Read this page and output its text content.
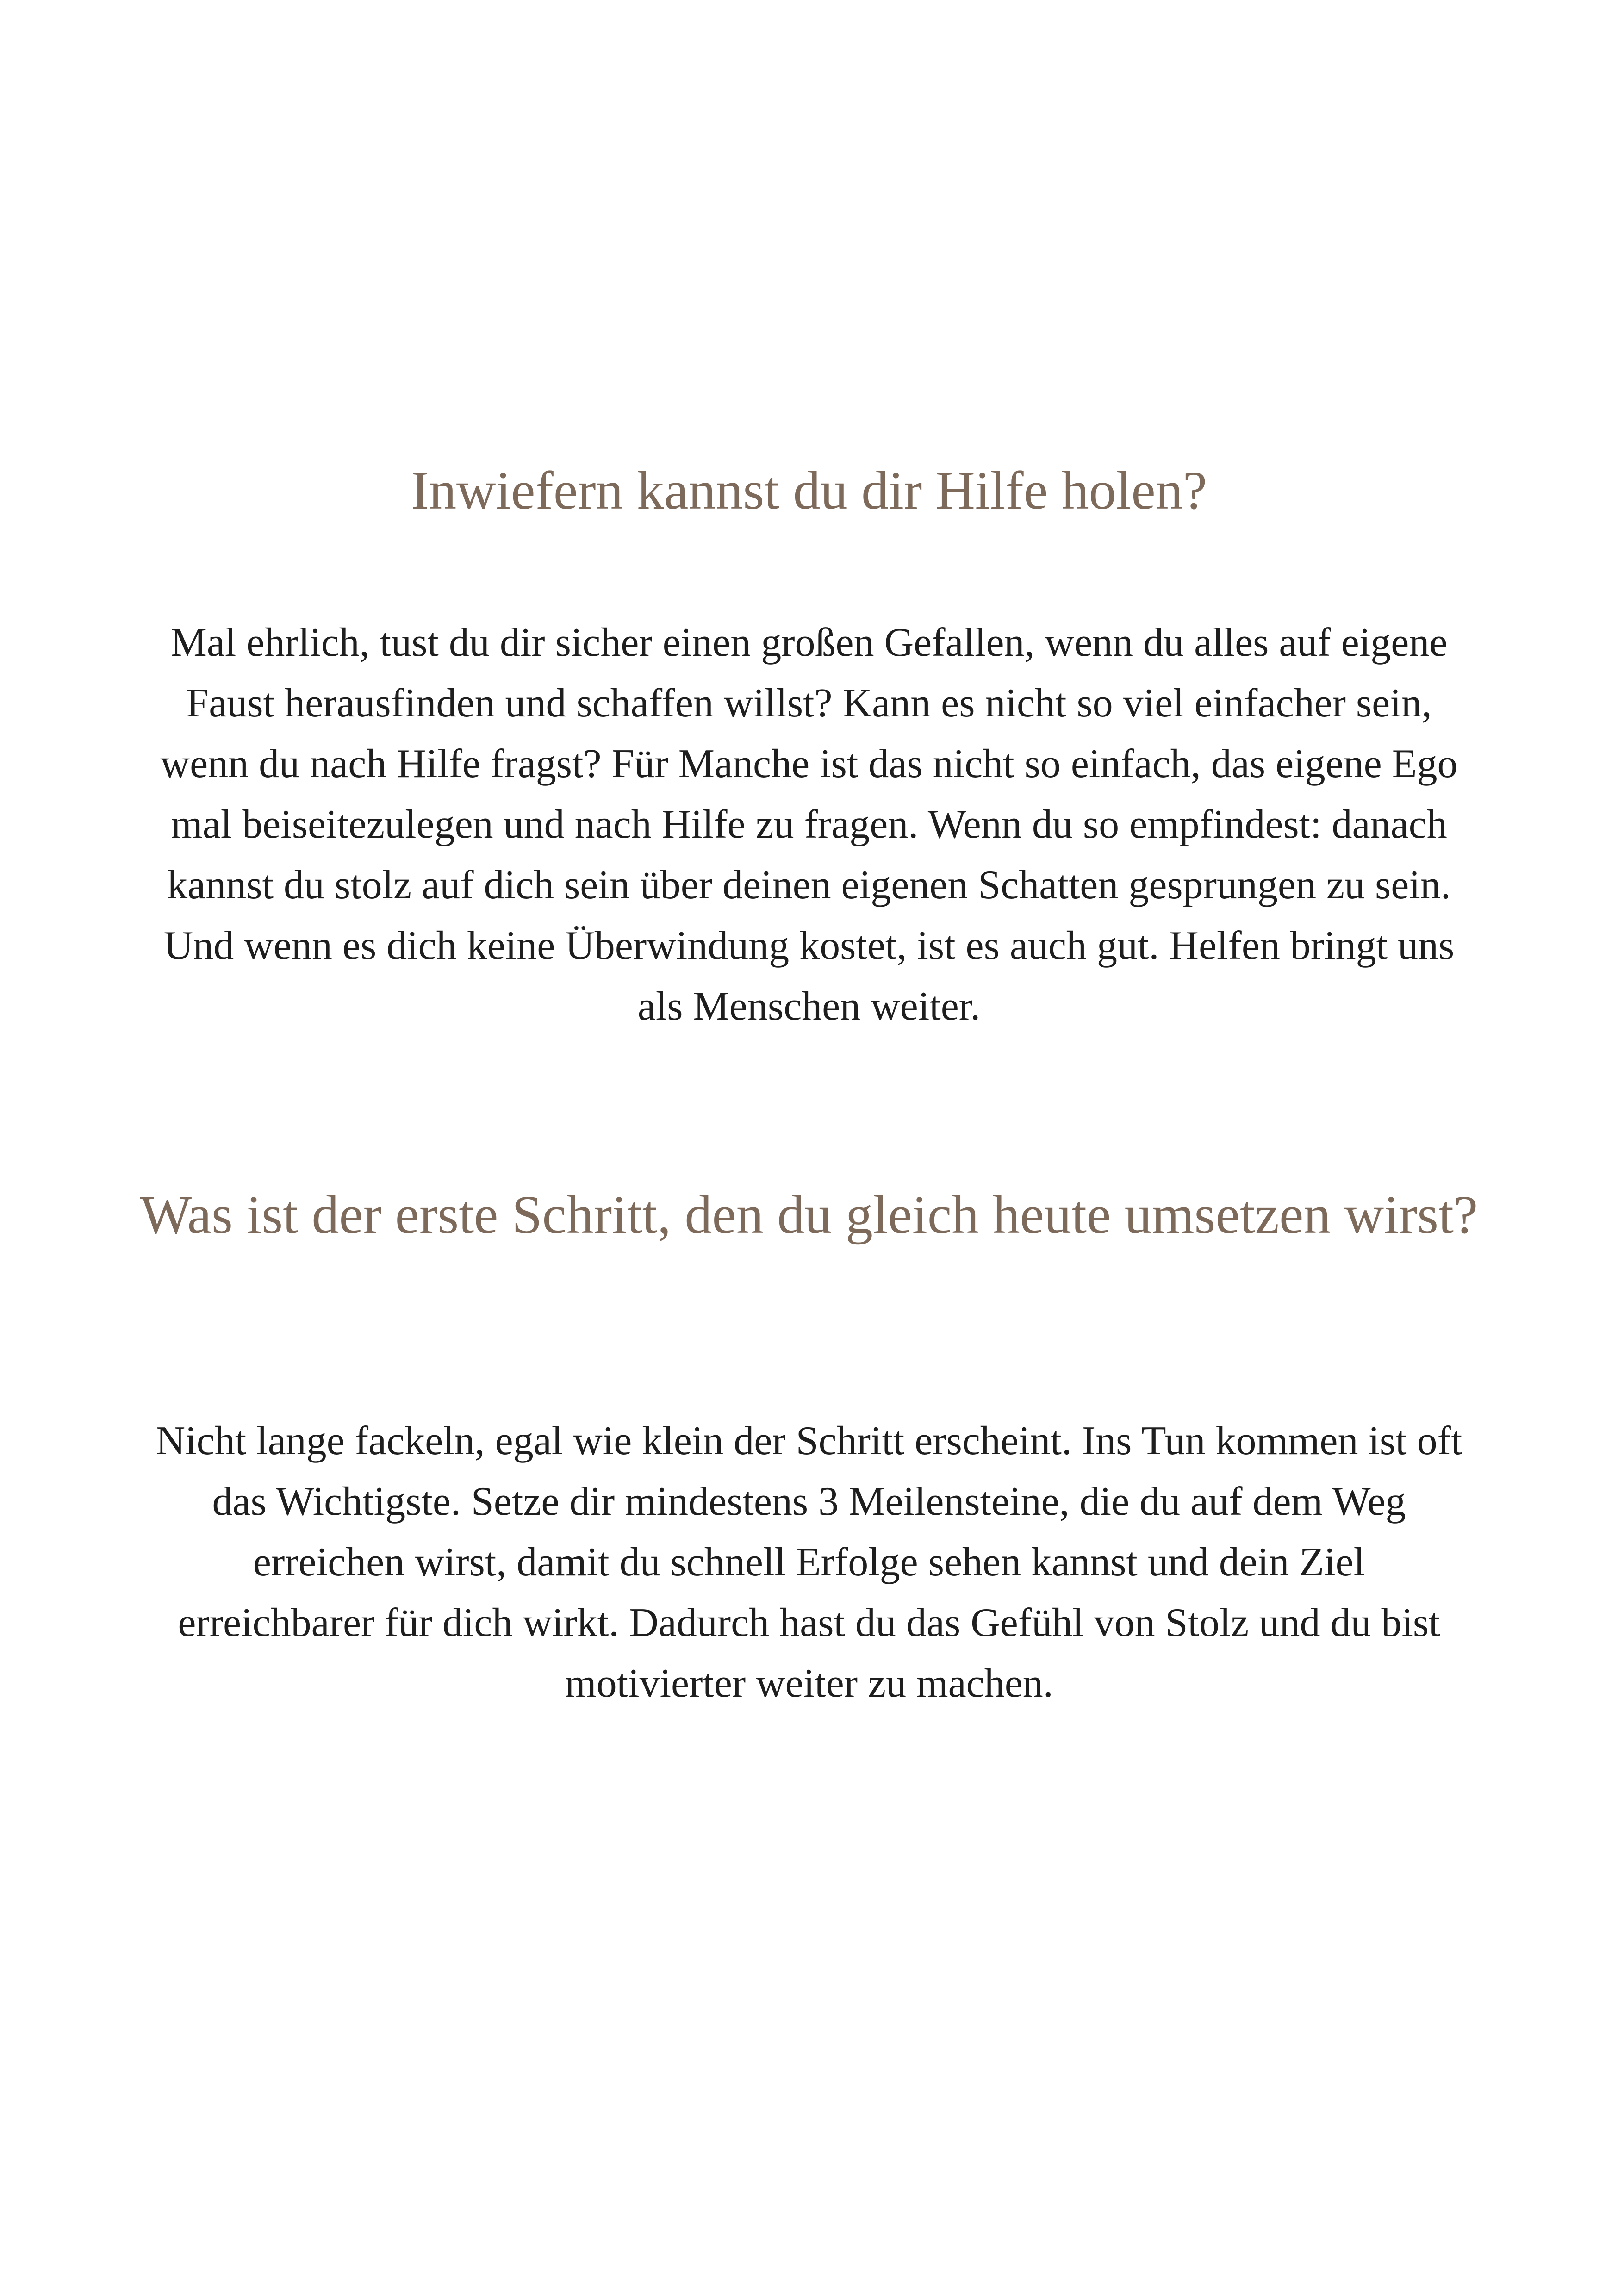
Inwiefern kannst du dir Hilfe holen?

Mal ehrlich, tust du dir sicher einen großen Gefallen, wenn du alles auf eigene Faust herausfinden und schaffen willst? Kann es nicht so viel einfacher sein, wenn du nach Hilfe fragst? Für Manche ist das nicht so einfach, das eigene Ego mal beiseitezulegen und nach Hilfe zu fragen. Wenn du so empfindest: danach kannst du stolz auf dich sein über deinen eigenen Schatten gesprungen zu sein. Und wenn es dich keine Überwindung kostet, ist es auch gut. Helfen bringt uns als Menschen weiter.

Was ist der erste Schritt, den du gleich heute umsetzen wirst?

Nicht lange fackeln, egal wie klein der Schritt erscheint. Ins Tun kommen ist oft das Wichtigste. Setze dir mindestens 3 Meilensteine, die du auf dem Weg erreichen wirst, damit du schnell Erfolge sehen kannst und dein Ziel erreichbarer für dich wirkt. Dadurch hast du das Gefühl von Stolz und du bist motivierter weiter zu machen.
